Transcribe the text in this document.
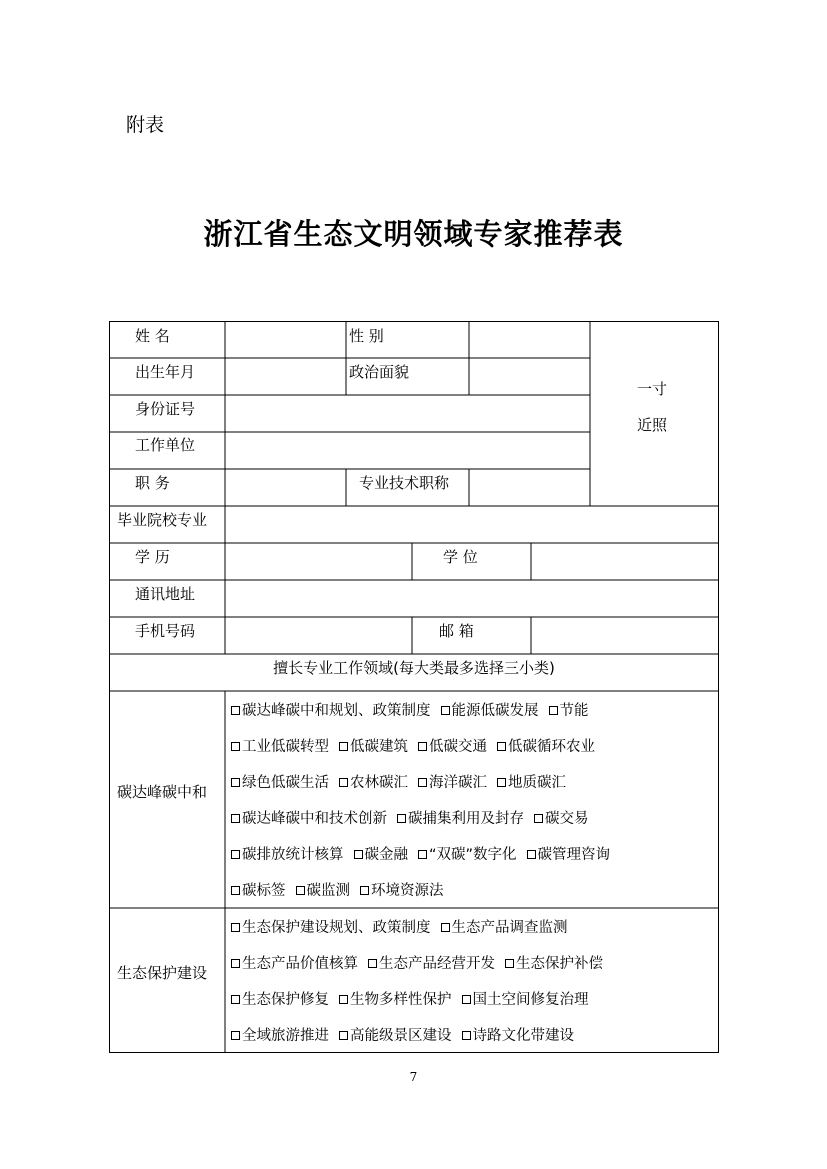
附表
浙江省生态文明领域专家推荐表
姓 名
出生年月
身份证号
工作单位
职 务
毕业院校专业
学 历
通讯地址
手机号码
性 别
政治面貌
专业技术职称
学 位
邮 箱
一寸
近照
擅长专业工作领域(每大类最多选择三小类)
碳达峰碳中和
生态保护建设
碳达峰碳中和规划、政策制度 能源低碳发展 节能
工业低碳转型 低碳建筑 低碳交通 低碳循环农业
绿色低碳生活 农林碳汇 海洋碳汇 地质碳汇
碳达峰碳中和技术创新 碳捕集利用及封存 碳交易
碳排放统计核算 碳金融 “双碳”数字化 碳管理咨询
碳标签 碳监测 环境资源法
生态保护建设规划、政策制度 生态产品调查监测
生态产品价值核算 生态产品经营开发 生态保护补偿
生态保护修复 生物多样性保护 国土空间修复治理
全域旅游推进 高能级景区建设 诗路文化带建设
7
